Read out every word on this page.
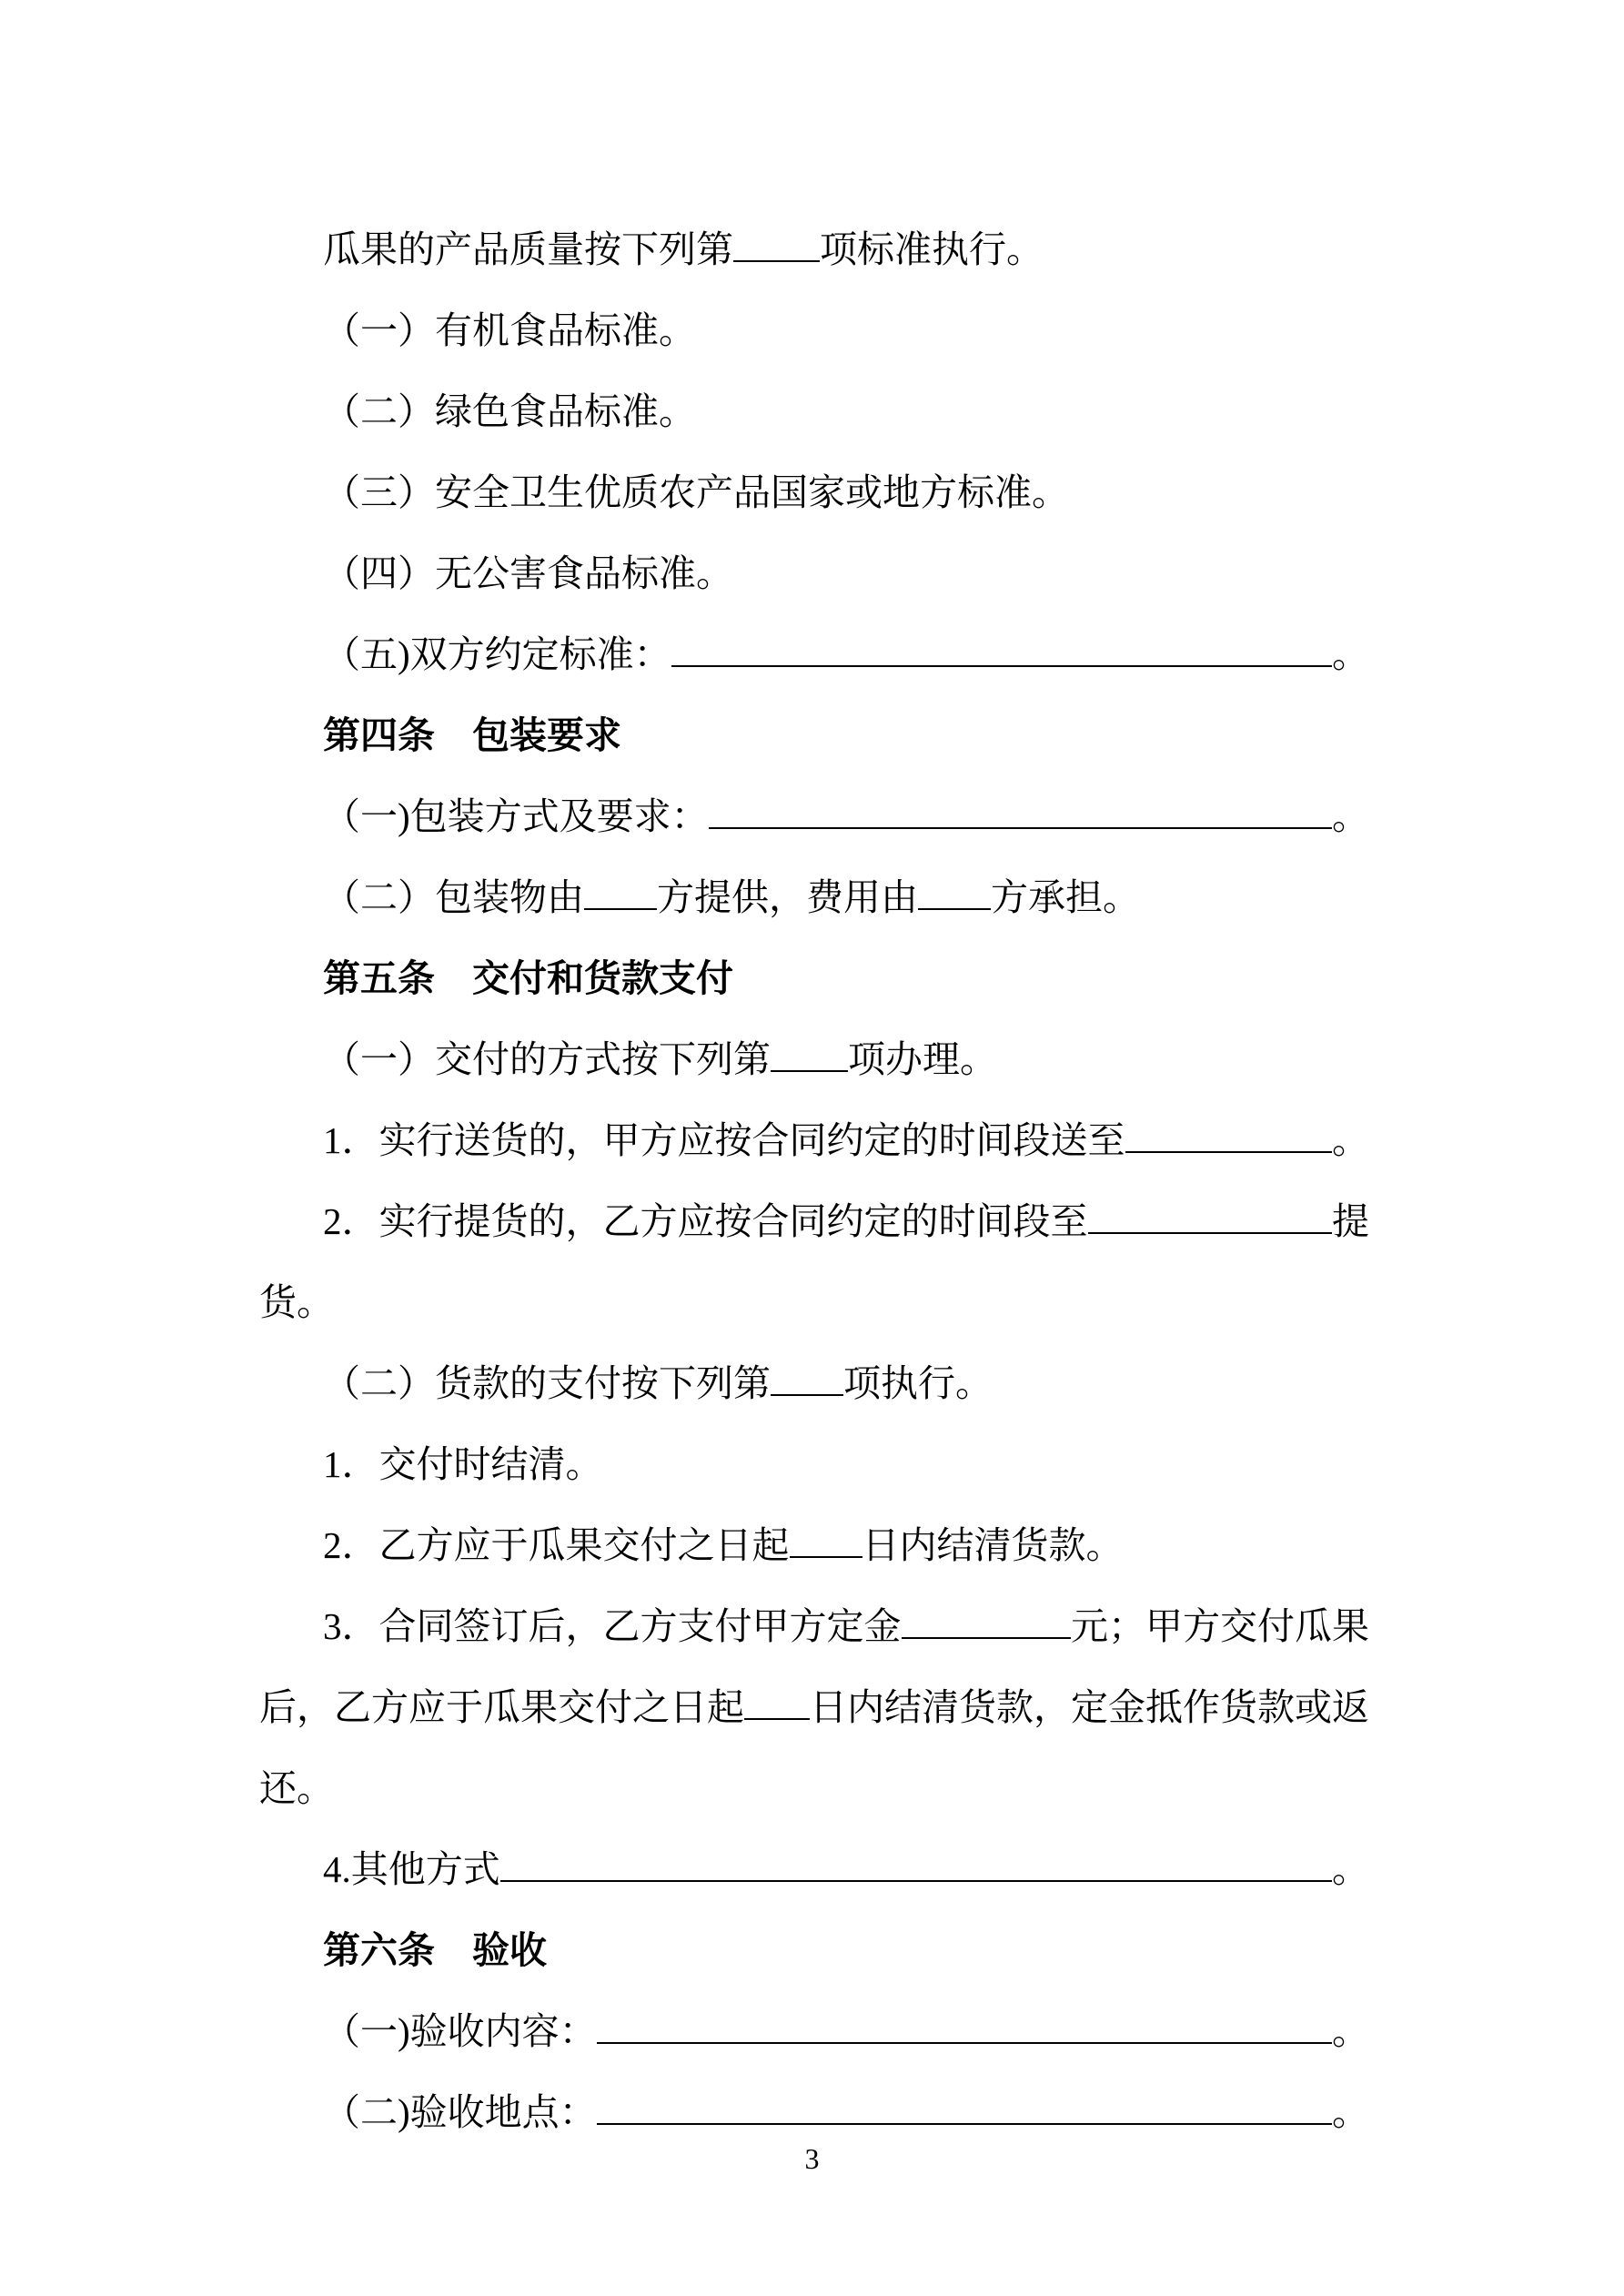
瓜果的产品质量按下列第 项标准执行。
（一）有机食品标准。
（二）绿色食品标准。
（三）安全卫生优质农产品国家或地方标准。
（四）无公害食品标准。
（五)双方约定标准：	。
第四条　包装要求
（一)包装方式及要求：	。
（二）包装物由 方提供，费用由 方承担。
第五条　交付和货款支付
（一）交付的方式按下列第 项办理。
1．实行送货的，甲方应按合同约定的时间段送至	。
2．实行提货的，乙方应按合同约定的时间段至	提
货。
（二）货款的支付按下列第 项执行。
1．交付时结清。
2．乙方应于瓜果交付之日起 日内结清货款。
3．合同签订后，乙方支付甲方定金	元；甲方交付瓜果
后，乙方应于瓜果交付之日起 日内结清货款，定金抵作货款或返
还。
4.其他方式	。
第六条　验收
（一)验收内容：	。
（二)验收地点：	。
3
